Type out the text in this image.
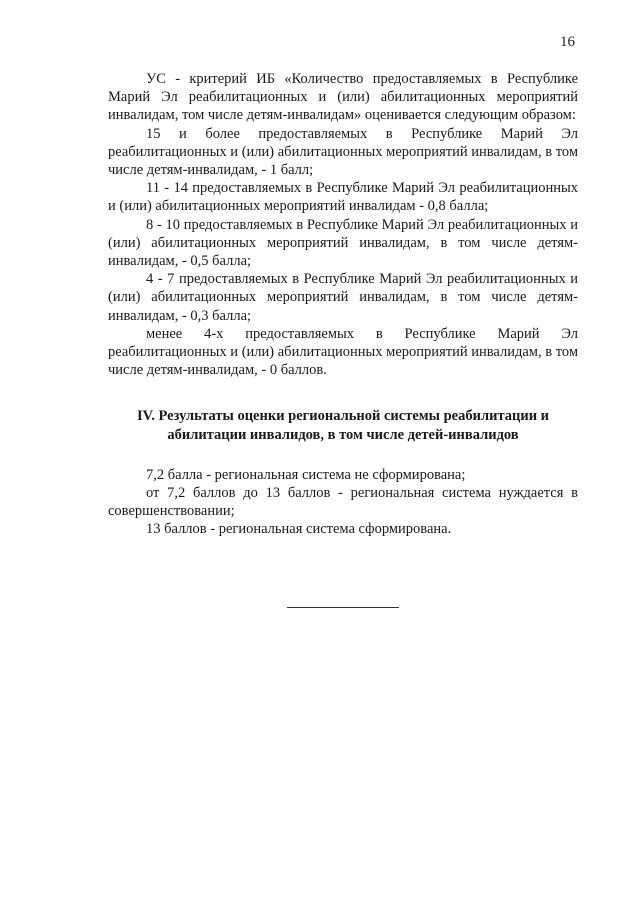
16

УС - критерий ИБ «Количество предоставляемых в Республике Марий Эл реабилитационных и (или) абилитационных мероприятий инвалидам, том числе детям-инвалидам» оценивается следующим образом:

15 и более предоставляемых в Республике Марий Эл реабилитационных и (или) абилитационных мероприятий инвалидам, в том числе детям-инвалидам, - 1 балл;

11 - 14 предоставляемых в Республике Марий Эл реабилитационных и (или) абилитационных мероприятий инвалидам - 0,8 балла;

8 - 10 предоставляемых в Республике Марий Эл реабилитационных и (или) абилитационных мероприятий инвалидам, в том числе детям-инвалидам, - 0,5 балла;

4 - 7 предоставляемых в Республике Марий Эл реабилитационных и (или) абилитационных мероприятий инвалидам, в том числе детям-инвалидам, - 0,3 балла;

менее 4-х предоставляемых в Республике Марий Эл реабилитационных и (или) абилитационных мероприятий инвалидам, в том числе детям-инвалидам, - 0 баллов.

IV. Результаты оценки региональной системы реабилитации и абилитации инвалидов, в том числе детей-инвалидов

7,2 балла - региональная система не сформирована;

от 7,2 баллов до 13 баллов - региональная система нуждается в совершенствовании;

13 баллов - региональная система сформирована.
